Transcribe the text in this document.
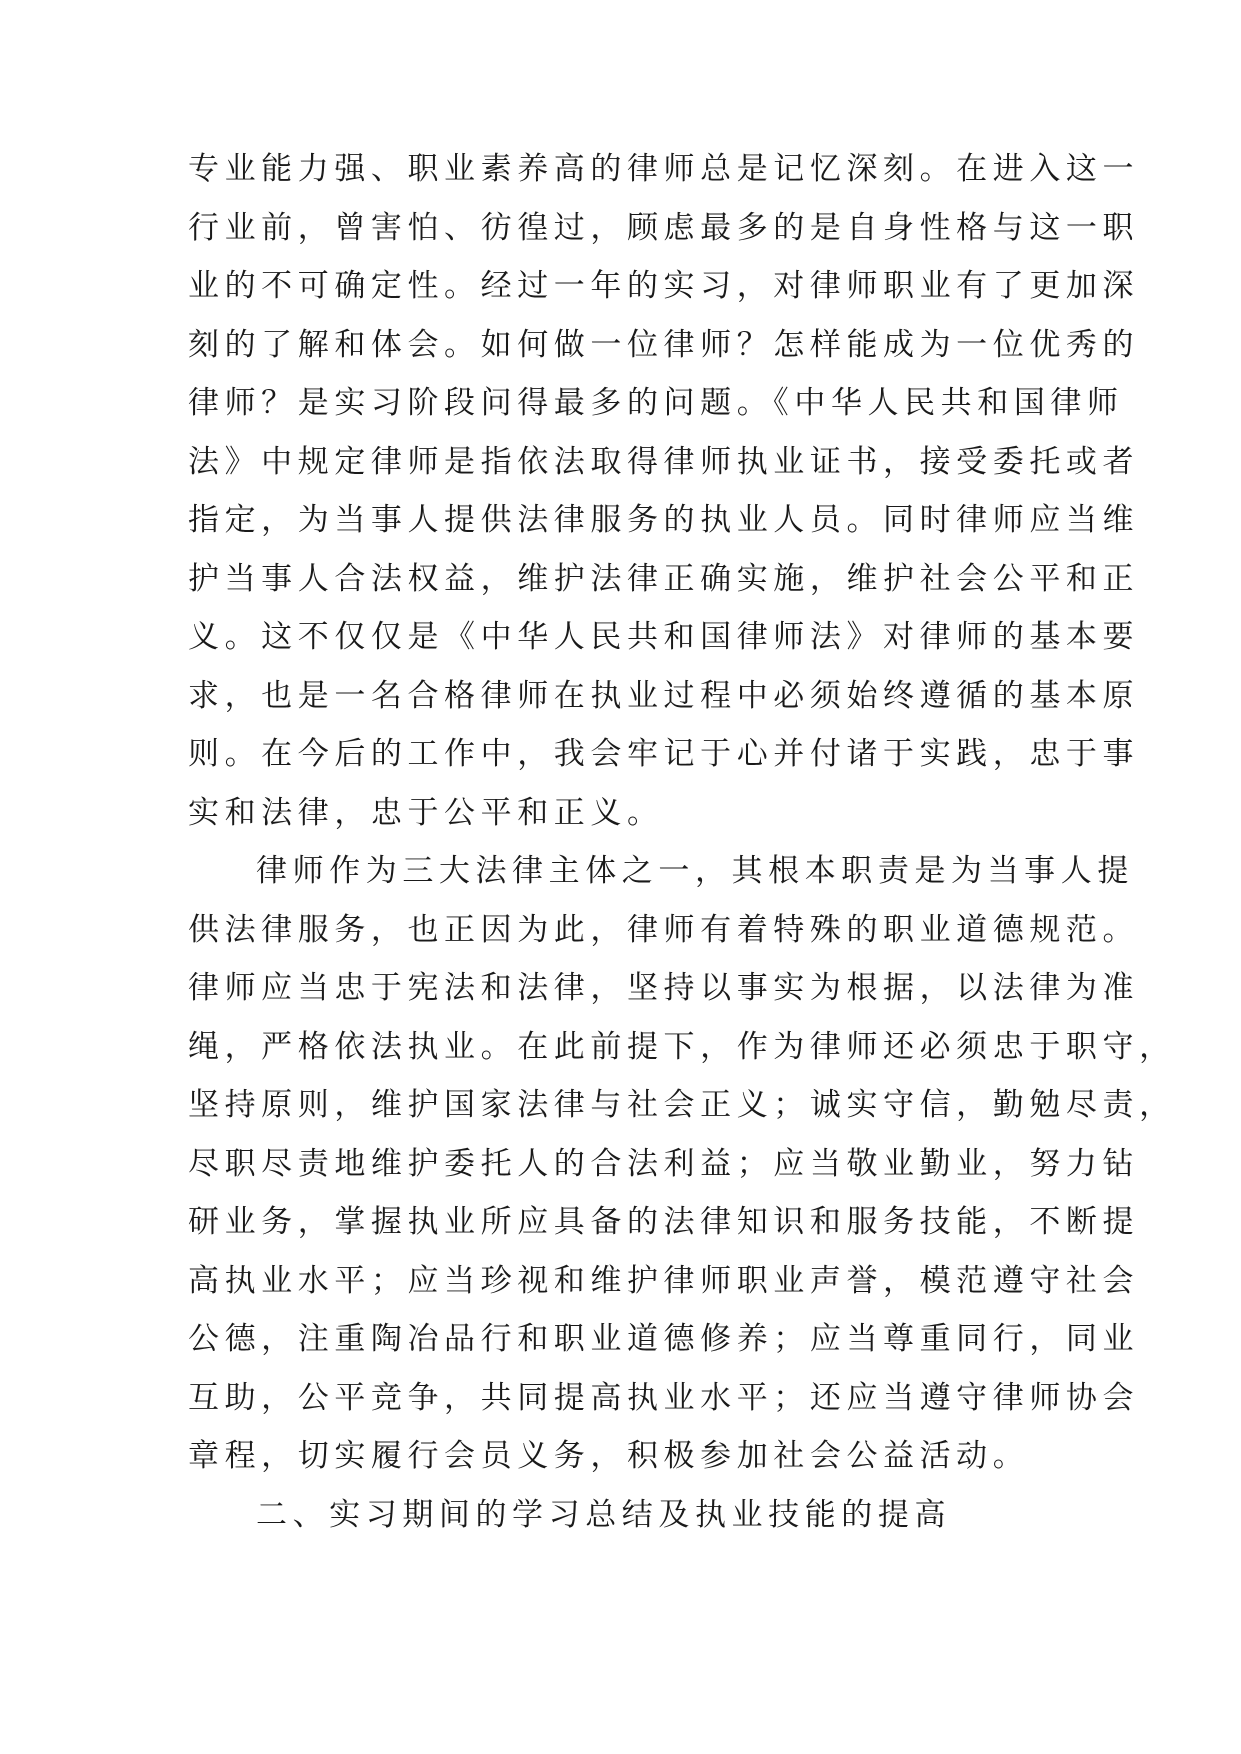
专业能力强、职业素养高的律师总是记忆深刻。在进入这一
行业前，曾害怕、彷徨过，顾虑最多的是自身性格与这一职
业的不可确定性。经过一年的实习，对律师职业有了更加深
刻的了解和体会。如何做一位律师？怎样能成为一位优秀的
律师？是实习阶段问得最多的问题。《中华人民共和国律师
法》中规定律师是指依法取得律师执业证书，接受委托或者
指定，为当事人提供法律服务的执业人员。同时律师应当维
护当事人合法权益，维护法律正确实施，维护社会公平和正
义。这不仅仅是《中华人民共和国律师法》对律师的基本要
求，也是一名合格律师在执业过程中必须始终遵循的基本原
则。在今后的工作中，我会牢记于心并付诸于实践，忠于事
实和法律，忠于公平和正义。
律师作为三大法律主体之一，其根本职责是为当事人提
供法律服务，也正因为此，律师有着特殊的职业道德规范。
律师应当忠于宪法和法律，坚持以事实为根据，以法律为准
绳，严格依法执业。在此前提下，作为律师还必须忠于职守，
坚持原则，维护国家法律与社会正义；诚实守信，勤勉尽责，
尽职尽责地维护委托人的合法利益；应当敬业勤业，努力钻
研业务，掌握执业所应具备的法律知识和服务技能，不断提
高执业水平；应当珍视和维护律师职业声誉，模范遵守社会
公德，注重陶冶品行和职业道德修养；应当尊重同行，同业
互助，公平竞争，共同提高执业水平；还应当遵守律师协会
章程，切实履行会员义务，积极参加社会公益活动。
二、实习期间的学习总结及执业技能的提高
